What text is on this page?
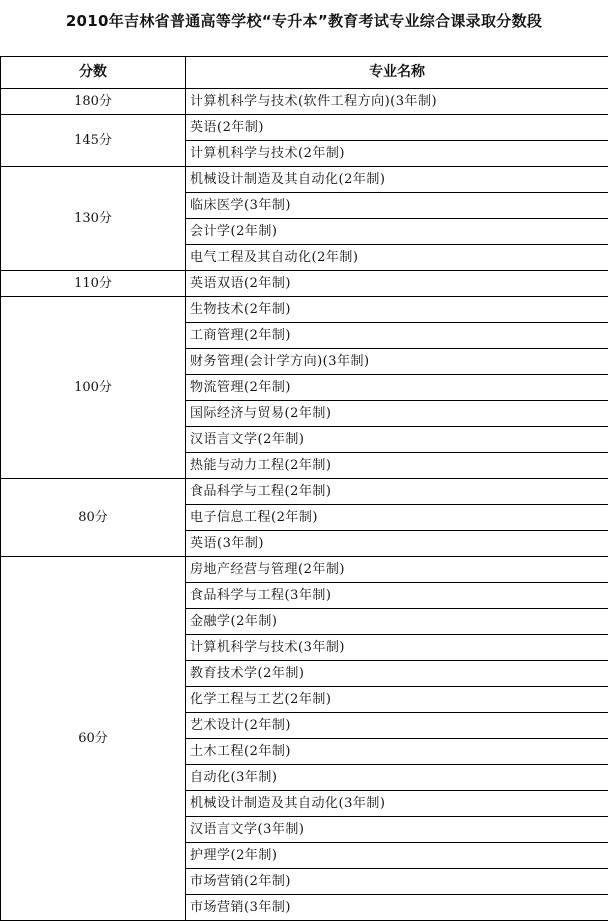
2010年吉林省普通高等学校“专升本”教育考试专业综合课录取分数段
分数	专业名称
180分	计算机科学与技术(软件工程方向)(3年制)
145分	英语(2年制)
	计算机科学与技术(2年制)
130分	机械设计制造及其自动化(2年制)
	临床医学(3年制)
	会计学(2年制)
	电气工程及其自动化(2年制)
110分	英语双语(2年制)
100分	生物技术(2年制)
	工商管理(2年制)
	财务管理(会计学方向)(3年制)
	物流管理(2年制)
	国际经济与贸易(2年制)
	汉语言文学(2年制)
	热能与动力工程(2年制)
80分	食品科学与工程(2年制)
	电子信息工程(2年制)
	英语(3年制)
60分	房地产经营与管理(2年制)
	食品科学与工程(3年制)
	金融学(2年制)
	计算机科学与技术(3年制)
	教育技术学(2年制)
	化学工程与工艺(2年制)
	艺术设计(2年制)
	土木工程(2年制)
	自动化(3年制)
	机械设计制造及其自动化(3年制)
	汉语言文学(3年制)
	护理学(2年制)
	市场营销(2年制)
	市场营销(3年制)
